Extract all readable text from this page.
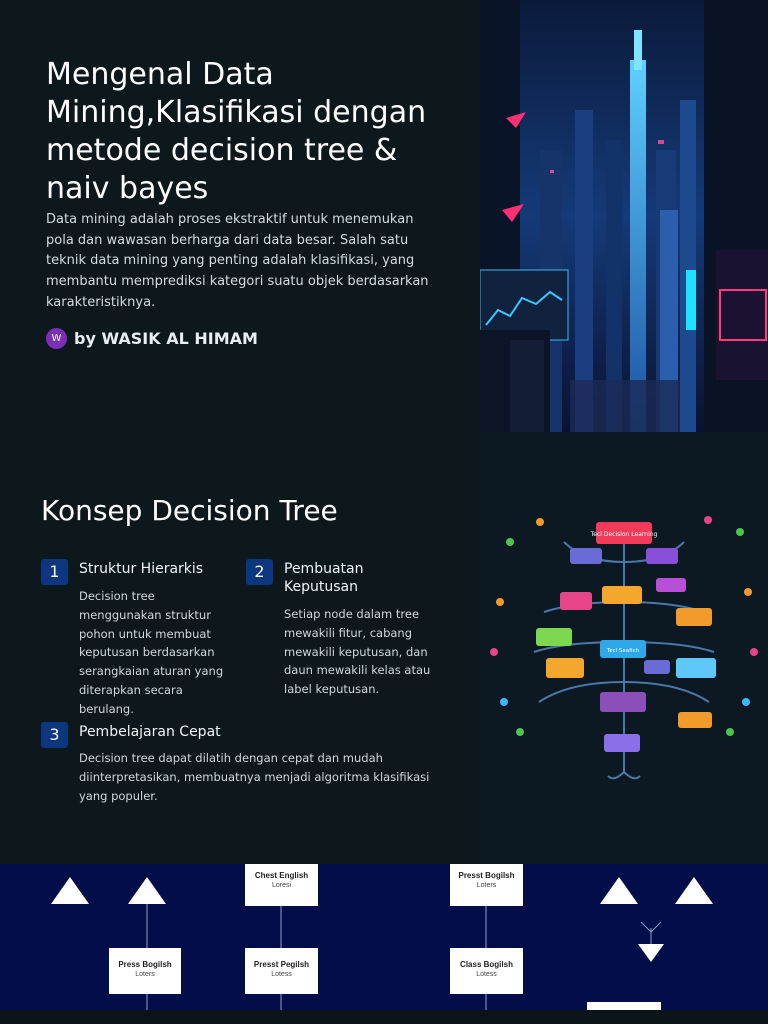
Mengenal Data Mining,Klasifikasi dengan metode decision tree & naiv bayes

Data mining adalah proses ekstraktif untuk menemukan pola dan wawasan berharga dari data besar. Salah satu teknik data mining yang penting adalah klasifikasi, yang membantu memprediksi kategori suatu objek berdasarkan karakteristiknya.

W by WASIK AL HIMAM
Konsep Decision Tree
1	Struktur Hierarkis
Decision tree menggunakan struktur pohon untuk membuat keputusan berdasarkan serangkaian aturan yang diterapkan secara berulang.
2	Pembuatan Keputusan
Setiap node dalam tree mewakili fitur, cabang mewakili keputusan, dan daun mewakili kelas atau label keputusan.
3	Pembelajaran Cepat
Decision tree dapat dilatih dengan cepat dan mudah diinterpretasikan, membuatnya menjadi algoritma klasifikasi yang populer.
Tecl Decision Learning
Tecl Seafich
Chest English
Loresi
Presst Bogilsh
Loters
Press Bogilsh
Loters
Presst Pegilsh
Lotess
Class Bogilsh
Lotess
